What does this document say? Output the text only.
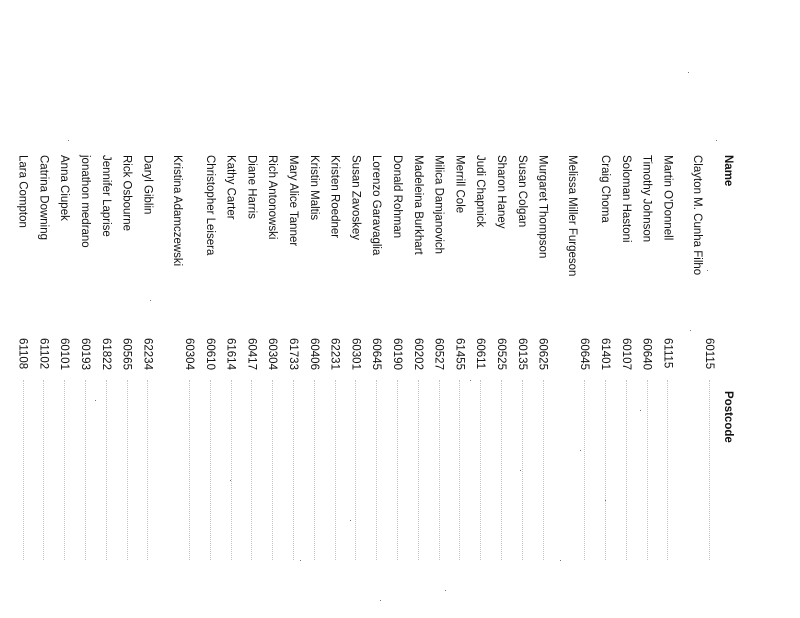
Name
Postcode
Clayton M. Cunha Filho
60115
Martin O'Donnell
61115
Timothy Johnson
60640
Soloman Hastoni
60107
Craig Choma
61401
Melissa Miller Furgeson
60645
Murgaret Thompson
60625
Susan Colgan
60135
Sharon Haney
60525
Judi Chapnick
60611
Merrill Cole
61455
Milica Damjanovich
60527
Madeleina Burkhart
60202
Donald Rohman
60190
Lorenzo Garavaglia
60645
Susan Zavoskey
60301
Kristen Roedner
62231
Kristin Maltis
60406
Mary Alice Tanner
61733
Rich Antonowski
60304
Diane Harris
60417
Kathy Carter
61614
Christopher Leisera
60610
Kristina Adamczewski
60304
Daryl Giblin
62234
Rick Osbourne
60565
Jennifer Laprise
61822
jonathon medrano
60193
Anna Ciupek
60101
Catrina Downing
61102
Lara Compton
61108
